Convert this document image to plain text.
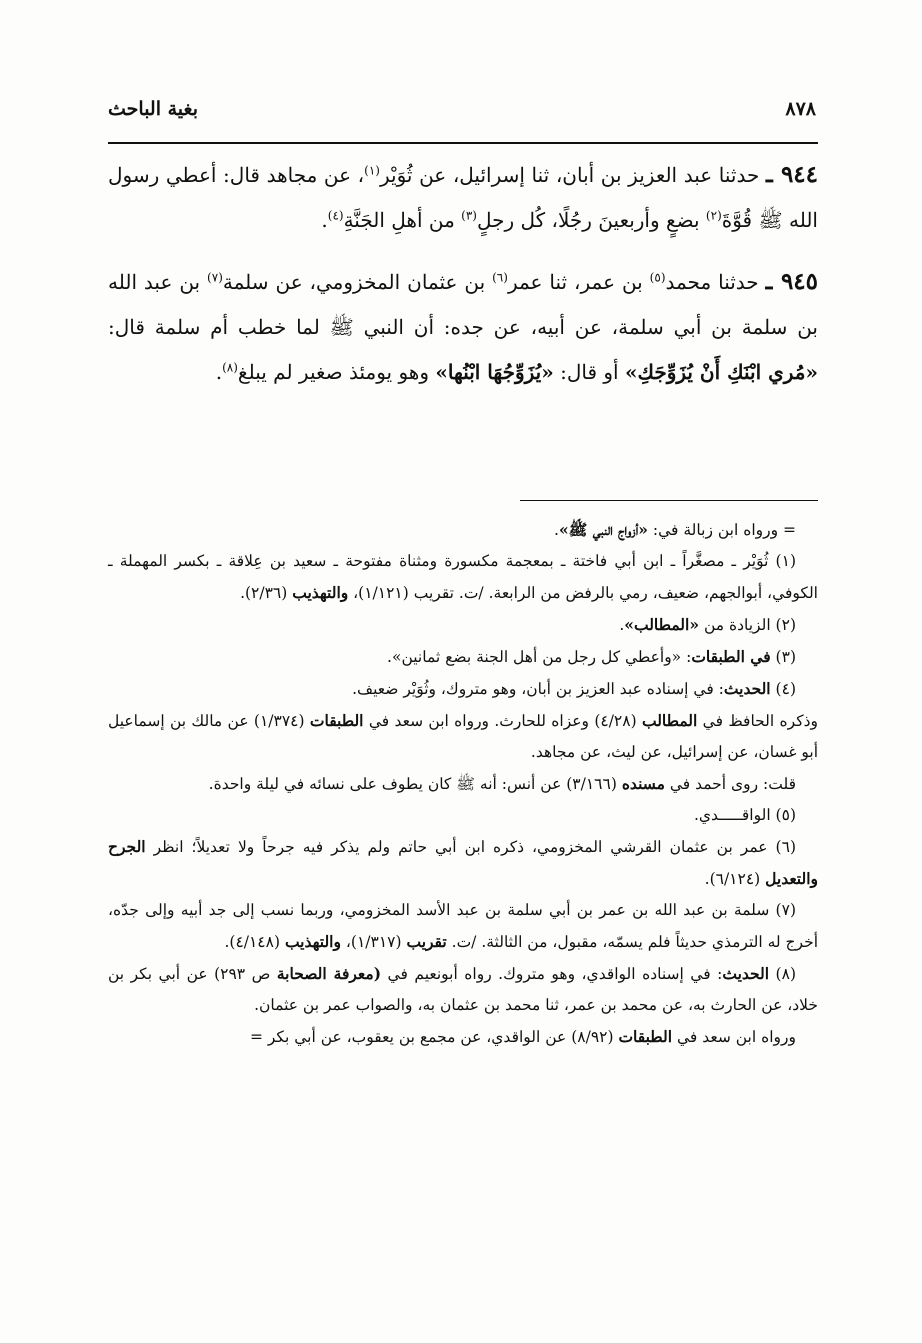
٨٧٨
بغية الباحث

٩٤٤ ـ حدثنا عبد العزيز بن أبان، ثنا إسرائيل، عن ثُوَيْر$^{(١)}$، عن مجاهد قال: أعطي رسول الله ﷺ قُوَّةَ$^{(٢)}$ بضعٍ وأربعينَ رجُلًا، كُل رجلٍ$^{(٣)}$ من أهلِ الجَنَّةِ$^{(٤)}$.

٩٤٥ ـ حدثنا محمد$^{(٥)}$ بن عمر، ثنا عمر$^{(٦)}$ بن عثمان المخزومي، عن سلمة$^{(٧)}$ بن عبد الله بن سلمة بن أبي سلمة، عن أبيه، عن جده: أن النبي ﷺ لما خطب أم سلمة قال: «مُري ابْنَكِ أَنْ يُزَوِّجَكِ» أو قال: «يُزَوِّجُهَا ابْنُها» وهو يومئذ صغير لم يبلغ$^{(٨)}$.

= ورواه ابن زبالة في: «أزواج النبي ﷺ».

(١) ثُوَيْر ـ مصغَّراً ـ ابن أبي فاختة ـ بمعجمة مكسورة ومثناة مفتوحة ـ سعيد بن عِلاقة ـ بكسر المهملة ـ الكوفي، أبوالجهم، ضعيف، رمي بالرفض من الرابعة. /ت. تقريب (١/١٢١)، والتهذيب (٢/٣٦).

(٢) الزيادة من «المطالب».

(٣) في الطبقات: «وأعطي كل رجل من أهل الجنة بضع ثمانين».

(٤) الحديث: في إسناده عبد العزيز بن أبان، وهو متروك، وثُوَيْر ضعيف.

وذكره الحافظ في المطالب (٤/٢٨) وعزاه للحارث. ورواه ابن سعد في الطبقات (١/٣٧٤) عن مالك بن إسماعيل أبو غسان، عن إسرائيل، عن ليث، عن مجاهد.

قلت: روى أحمد في مسنده (٣/١٦٦) عن أنس: أنه ﷺ كان يطوف على نسائه في ليلة واحدة.

(٥) الواقـــــدي.

(٦) عمر بن عثمان القرشي المخزومي، ذكره ابن أبي حاتم ولم يذكر فيه جرحاً ولا تعديلاً؛ انظر الجرح والتعديل (٦/١٢٤).

(٧) سلمة بن عبد الله بن عمر بن أبي سلمة بن عبد الأسد المخزومي، وربما نسب إلى جد أبيه وإلى جدّه، أخرج له الترمذي حديثاً فلم يسمّه، مقبول، من الثالثة. /ت. تقريب (١/٣١٧)، والتهذيب (٤/١٤٨).

(٨) الحديث: في إسناده الواقدي، وهو متروك. رواه أبونعيم في (معرفة الصحابة ص ٢٩٣) عن أبي بكر بن خلاد، عن الحارث به، عن محمد بن عمر، ثنا محمد بن عثمان به، والصواب عمر بن عثمان.

ورواه ابن سعد في الطبقات (٨/٩٢) عن الواقدي، عن مجمع بن يعقوب، عن أبي بكر =
